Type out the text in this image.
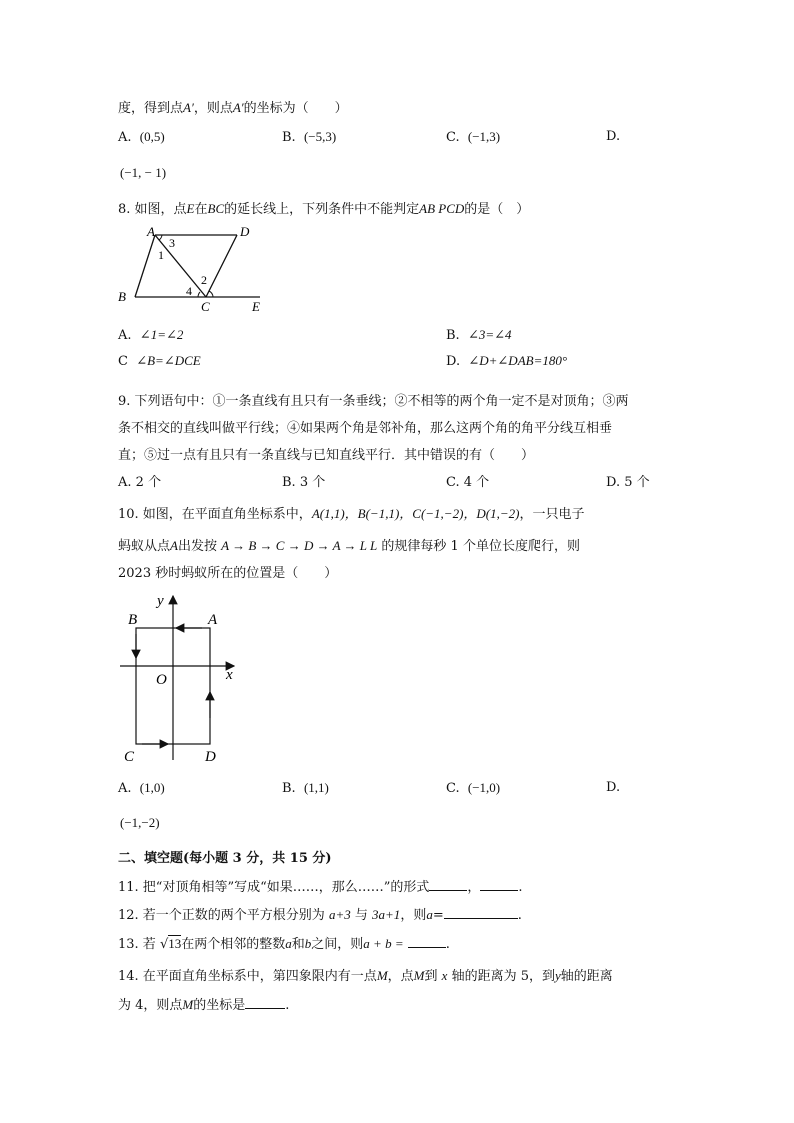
度，得到点A′，则点A′的坐标为（　　）
A. (0,5)	B. (−5,3)	C. (−1,3)	D.
(−1, − 1)
8. 如图，点E在BC的延长线上，下列条件中不能判定AB PCD的是（　）
A	D
B
C	E
1
2
3
4
A. ∠1=∠2	B. ∠3=∠4
C ∠B=∠DCE	D. ∠D+∠DAB=180°
9. 下列语句中：①一条直线有且只有一条垂线；②不相等的两个角一定不是对顶角；③两
条不相交的直线叫做平行线；④如果两个角是邻补角，那么这两个角的角平分线互相垂
直；⑤过一点有且只有一条直线与已知直线平行．其中错误的有（　　）
A. 2 个	B. 3 个	C. 4 个	D. 5 个
10. 如图，在平面直角坐标系中，A(1,1)，B(−1,1)，C(−1,−2)，D(1,−2)，一只电子
蚂蚁从点A出发按 A → B → C → D → A → L L 的规律每秒 1 个单位长度爬行，则
2023 秒时蚂蚁所在的位置是（　　）
y
x
O
A
B
C	D
A. (1,0)	B. (1,1)	C. (−1,0)	D.
(−1,−2)
二、填空题(每小题 3 分，共 15 分)
11. 把“对顶角相等”写成“如果……，那么……”的形式	，	.
12. 若一个正数的两个平方根分别为 a+3 与 3a+1，则a=	.
13. 若 √13在两个相邻的整数a和b之间，则a + b =	.
14. 在平面直角坐标系中，第四象限内有一点M，点M到 x 轴的距离为 5，到y轴的距离
为 4，则点M的坐标是	.
